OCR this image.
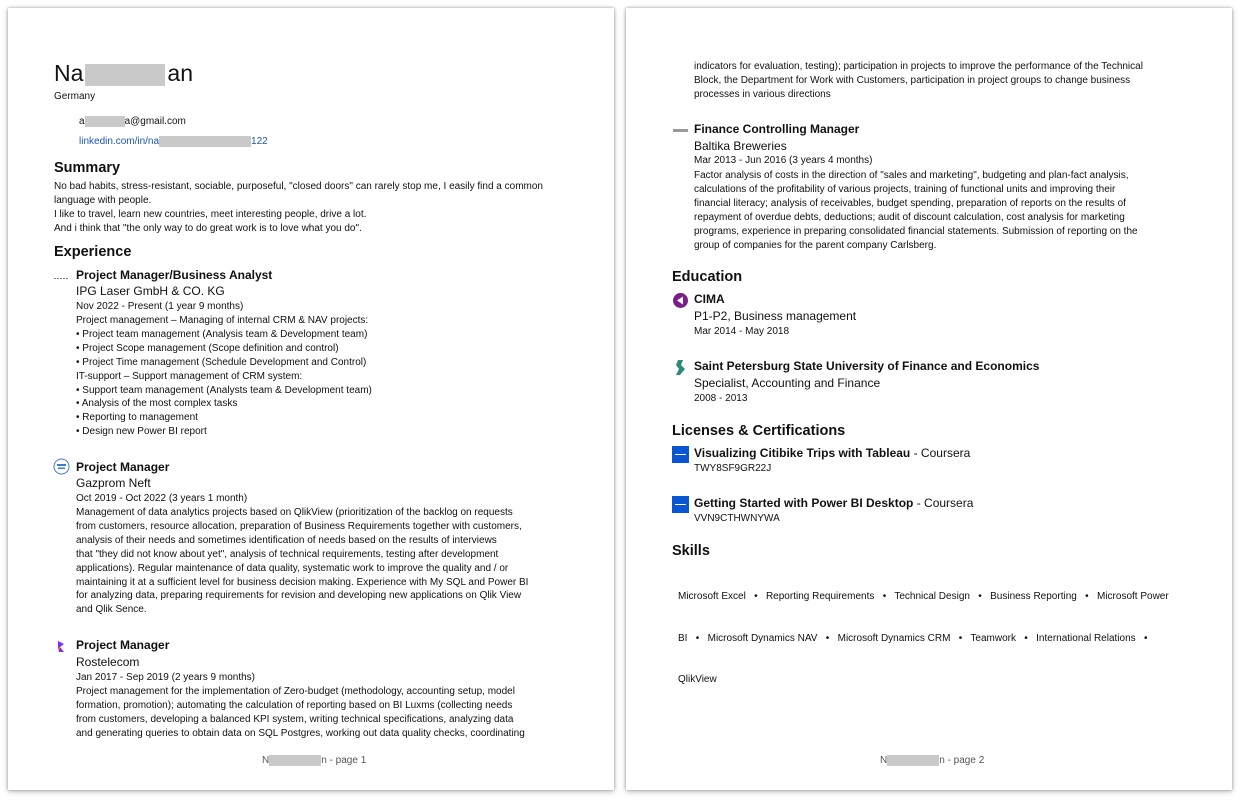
Na	an
Germany
a	a@gmail.com
linkedin.com/in/na	122
Summary
No bad habits, stress-resistant, sociable, purposeful, "closed doors" can rarely stop me, I easily find a common
language with people.
I like to travel, learn new countries, meet interesting people, drive a lot.
And i think that "the only way to do great work is to love what you do".
Experience
Project Manager/Business Analyst
IPG Laser GmbH & CO. KG
Nov 2022 - Present (1 year 9 months)
Project management – Managing of internal CRM & NAV projects:
• Project team management (Analysis team & Development team)
• Project Scope management (Scope definition and control)
• Project Time management (Schedule Development and Control)
IT-support – Support management of CRM system:
• Support team management (Analysts team & Development team)
• Analysis of the most complex tasks
• Reporting to management
• Design new Power BI report
Project Manager
Gazprom Neft
Oct 2019 - Oct 2022 (3 years 1 month)
Management of data analytics projects based on QlikView (prioritization of the backlog on requests
from customers, resource allocation, preparation of Business Requirements together with customers,
analysis of their needs and sometimes identification of needs based on the results of interviews
that "they did not know about yet", analysis of technical requirements, testing after development
applications). Regular maintenance of data quality, systematic work to improve the quality and / or
maintaining it at a sufficient level for business decision making. Experience with My SQL and Power BI
for analyzing data, preparing requirements for revision and developing new applications on Qlik View
and Qlik Sence.
Project Manager
Rostelecom
Jan 2017 - Sep 2019 (2 years 9 months)
Project management for the implementation of Zero-budget (methodology, accounting setup, model
formation, promotion); automating the calculation of reporting based on BI Luxms (collecting needs
from customers, developing a balanced KPI system, writing technical specifications, analyzing data
and generating queries to obtain data on SQL Postgres, working out data quality checks, coordinating
N	n - page 1
indicators for evaluation, testing); participation in projects to improve the performance of the Technical
Block, the Department for Work with Customers, participation in project groups to change business
processes in various directions
Finance Controlling Manager
Baltika Breweries
Mar 2013 - Jun 2016 (3 years 4 months)
Factor analysis of costs in the direction of "sales and marketing", budgeting and plan-fact analysis,
calculations of the profitability of various projects, training of functional units and improving their
financial literacy; analysis of receivables, budget spending, preparation of reports on the results of
repayment of overdue debts, deductions; audit of discount calculation, cost analysis for marketing
programs, experience in preparing consolidated financial statements. Submission of reporting on the
group of companies for the parent company Carlsberg.
Education
CIMA
P1-P2, Business management
Mar 2014 - May 2018
Saint Petersburg State University of Finance and Economics
Specialist, Accounting and Finance
2008 - 2013
Licenses & Certifications
Visualizing Citibike Trips with Tableau - Coursera
TWY8SF9GR22J
Getting Started with Power BI Desktop - Coursera
VVN9CTHWNYWA
Skills

Microsoft Excel   •   Reporting Requirements   •   Technical Design   •   Business Reporting   •   Microsoft Power

BI   •   Microsoft Dynamics NAV   •   Microsoft Dynamics CRM   •   Teamwork   •   International Relations   •

QlikView

N	n - page 2
